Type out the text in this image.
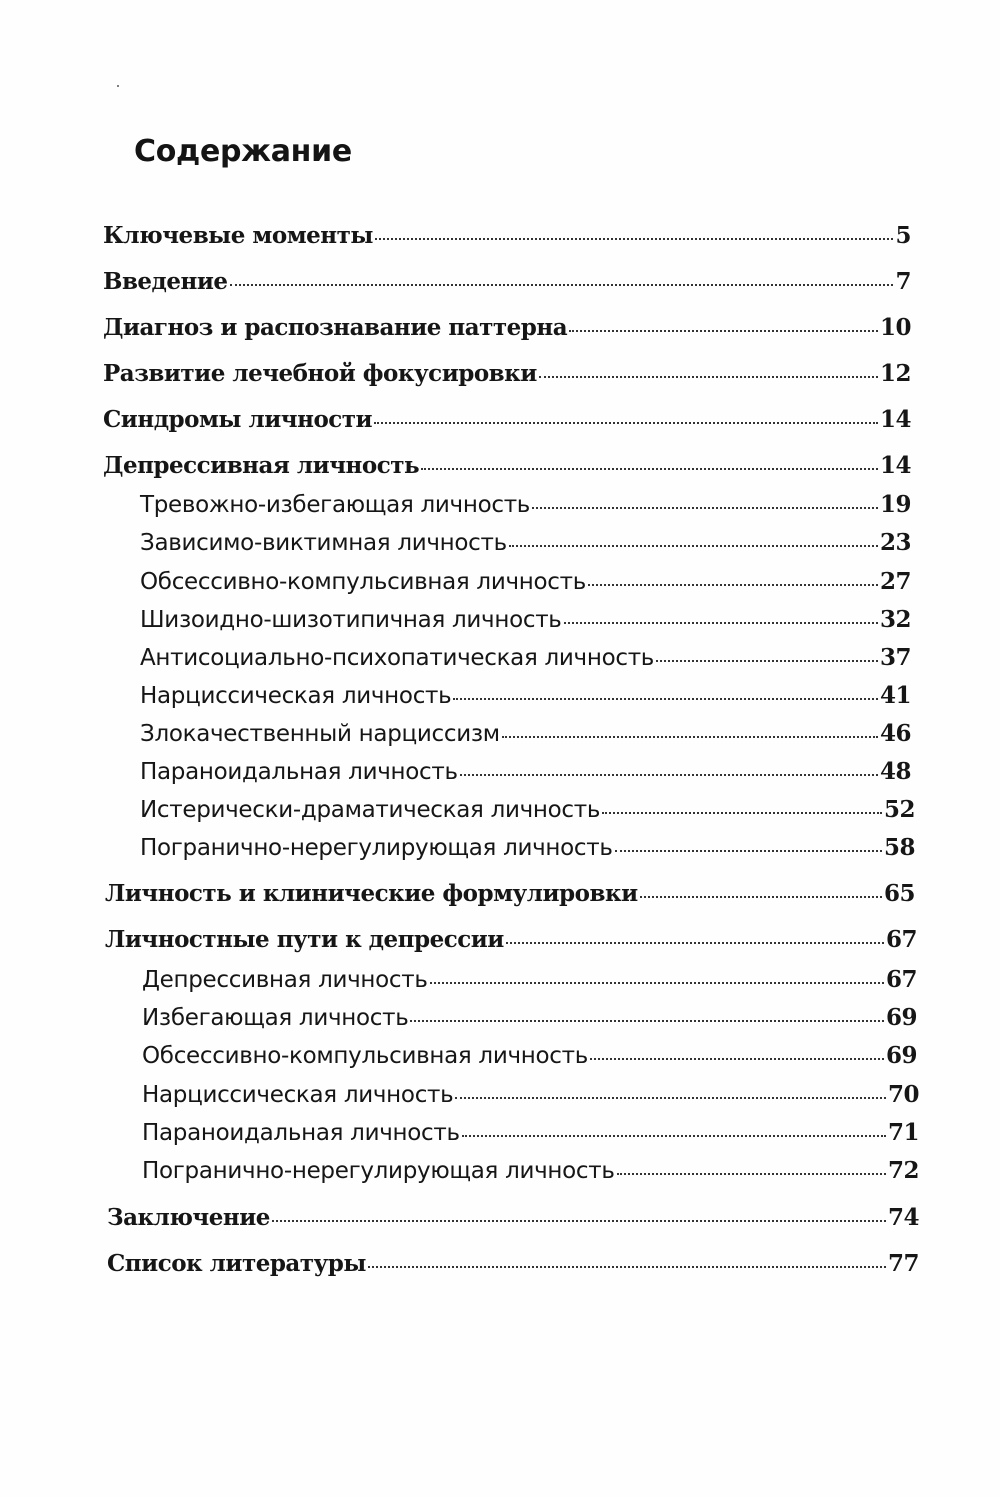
Содержание
Ключевые моменты	5
Введение	7
Диагноз и распознавание паттерна	10
Развитие лечебной фокусировки	12
Синдромы личности	14
Депрессивная личность	14
Тревожно-избегающая личность	19
Зависимо-виктимная личность	23
Обсессивно-компульсивная личность	27
Шизоидно-шизотипичная личность	32
Антисоциально-психопатическая личность	37
Нарциссическая личность	41
Злокачественный нарциссизм	46
Параноидальная личность	48
Истерически-драматическая личность	52
Погранично-нерегулирующая личность	58
Личность и клинические формулировки	65
Личностные пути к депрессии	67
Депрессивная личность	67
Избегающая личность	69
Обсессивно-компульсивная личность	69
Нарциссическая личность	70
Параноидальная личность	71
Погранично-нерегулирующая личность	72
Заключение	74
Список литературы	77
